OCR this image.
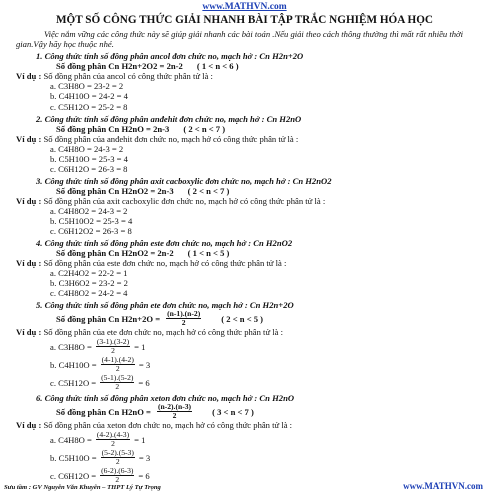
www.MATHVN.com
MỘT SỐ CÔNG THỨC GIẢI NHANH BÀI TẬP TRẮC NGHIỆM HÓA HỌC
Việc nắm vững các công thức này sẽ giúp giải nhanh các bài toán .Nếu giải theo cách thông thường thì mất rất nhiều thời gian.Vậy hãy học thuộc nhé.
1. Công thức tính số đồng phân ancol đơn chức no, mạch hở : Cn H2n+2O
Số đồng phân Cn H2n+2O2 = 2n-2 ( 1 < n < 6 )
Ví dụ : Số đồng phân của ancol có công thức phân tử là :
a. C3H8O = 23-2 = 2
b. C4H10O = 24-2 = 4
c. C5H12O = 25-2 = 8
2. Công thức tính số đồng phân anđehit đơn chức no, mạch hở : Cn H2nO
Số đồng phân Cn H2nO = 2n-3 ( 2 < n < 7 )
Ví dụ : Số đồng phân của anđehit đơn chức no, mạch hở có công thức phân tử là :
a. C4H8O = 24-3 = 2
b. C5H10O = 25-3 = 4
c. C6H12O = 26-3 = 8
3. Công thức tính số đồng phân axit cacboxylic đơn chức no, mạch hở : Cn H2nO2
Số đồng phân Cn H2nO2 = 2n-3 ( 2 < n < 7 )
Ví dụ : Số đồng phân của axit cacboxylic đơn chức no, mạch hở có công thức phân tử là :
a. C4H8O2 = 24-3 = 2
b. C5H10O2 = 25-3 = 4
c. C6H12O2 = 26-3 = 8
4. Công thức tính số đồng phân este đơn chức no, mạch hở : Cn H2nO2
Số đồng phân Cn H2nO2 = 2n-2 ( 1 < n < 5 )
Ví dụ : Số đồng phân của este đơn chức no, mạch hở có công thức phân tử là :
a. C2H4O2 = 22-2 = 1
b. C3H6O2 = 23-2 = 2
c. C4H8O2 = 24-2 = 4
5. Công thức tính số đồng phân ete đơn chức no, mạch hở : Cn H2n+2O
Số đồng phân Cn $H2n+2O = \frac{(n-1).(n-2)}{2}$ ( 2 < n < 5 )
Ví dụ : Số đồng phân của ete đơn chức no, mạch hở có công thức phân tử là :
a. $C3H8O = \frac{(3-1).(3-2)}{2} = 1$
b. $C4H10O = \frac{(4-1).(4-2)}{2} = 3$
c. $C5H12O = \frac{(5-1).(5-2)}{2} = 6$
6. Công thức tính số đồng phân xeton đơn chức no, mạch hở : Cn H2nO
Số đồng phân Cn $H2nO = \frac{(n-2).(n-3)}{2}$ ( 3 < n < 7 )
Ví dụ : Số đồng phân của xeton đơn chức no, mạch hở có công thức phân tử là :
a. $C4H8O = \frac{(4-2).(4-3)}{2} = 1$
b. $C5H10O = \frac{(5-2).(5-3)}{2} = 3$
c. $C6H12O = \frac{(6-2).(6-3)}{2} = 6$
Sưu tầm : GV Nguyễn Văn Khuyên – THPT Lý Tự Trọng	www.MATHVN.com
